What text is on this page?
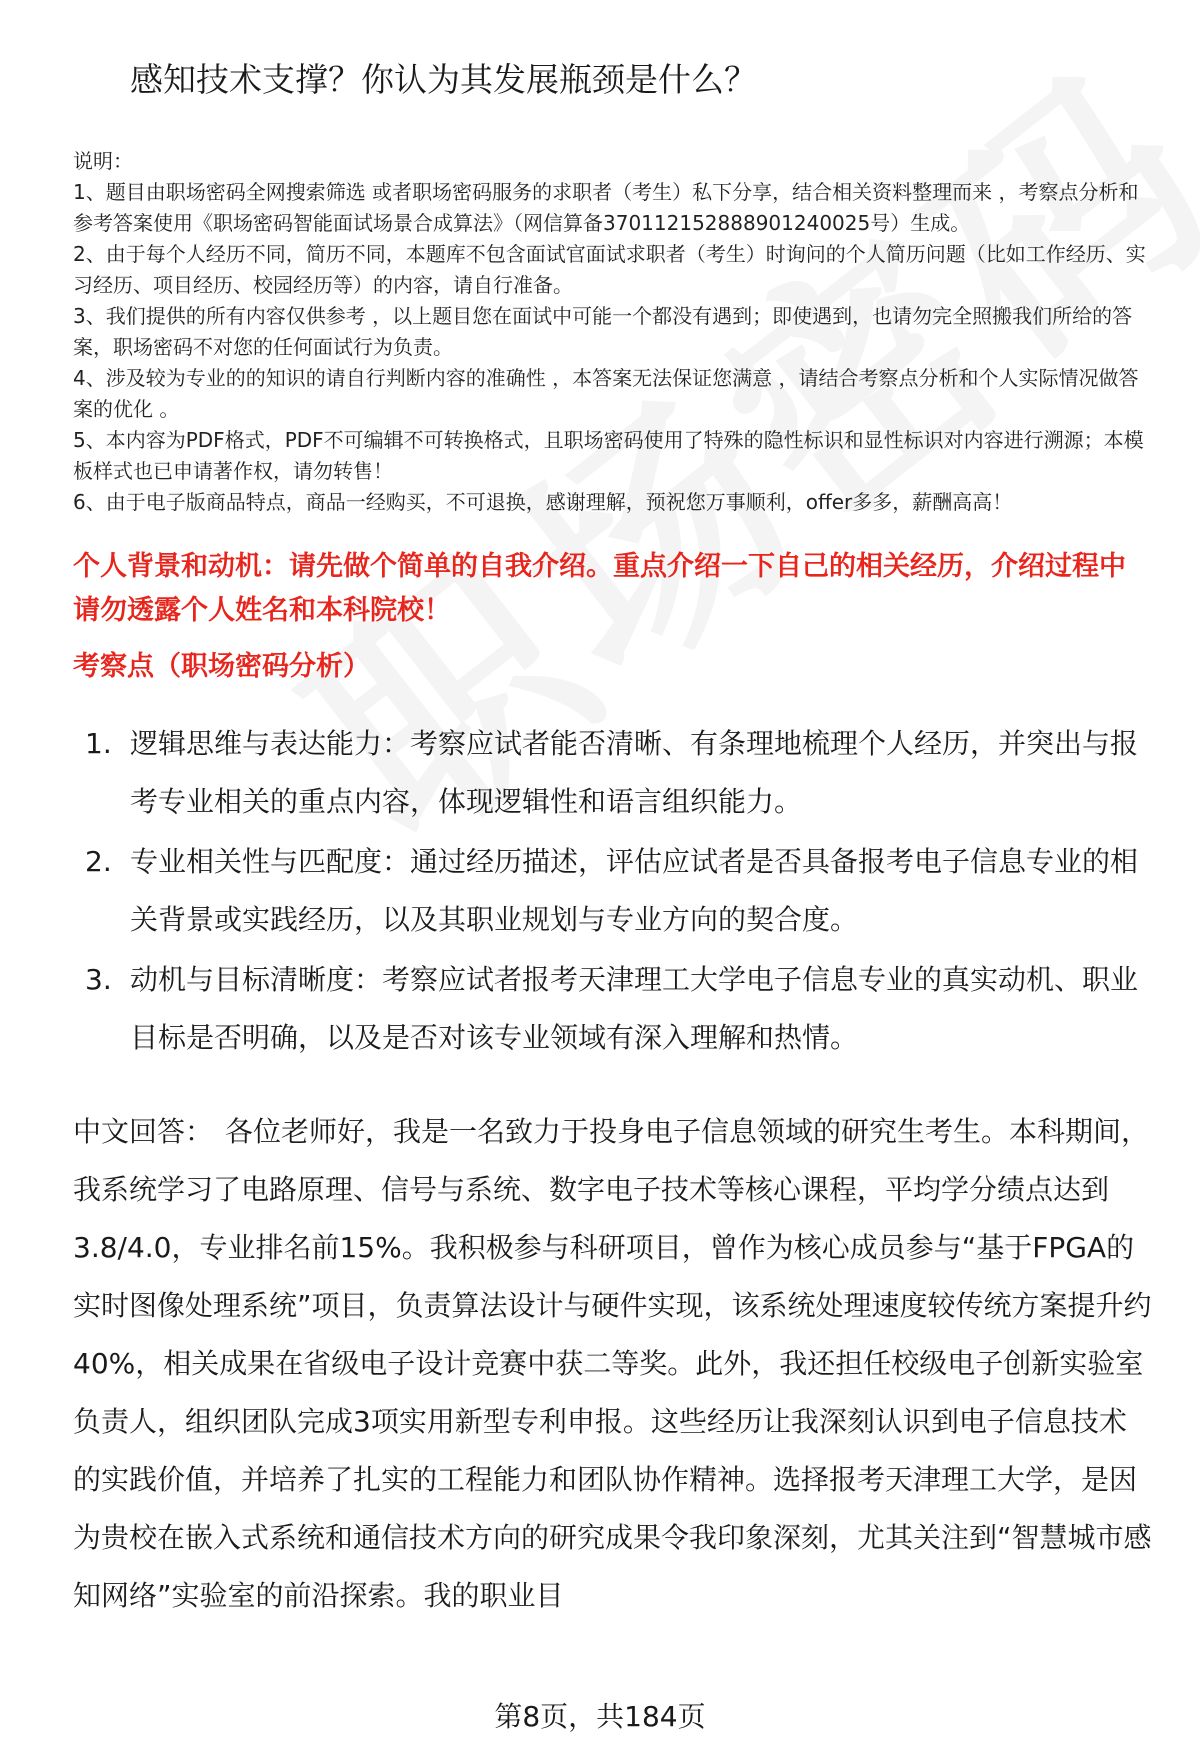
感知技术支撑？你认为其发展瓶颈是什么？

说明：

1、题目由职场密码全网搜索筛选 或者职场密码服务的求职者（考生）私下分享，结合相关资料整理而来 ，考察点分析和参考答案使用《职场密码智能面试场景合成算法》（网信算备370112152888901240025号）生成。

2、由于每个人经历不同，简历不同，本题库不包含面试官面试求职者（考生）时询问的个人简历问题（比如工作经历、实习经历、项目经历、校园经历等）的内容，请自行准备。

3、我们提供的所有内容仅供参考 ，以上题目您在面试中可能一个都没有遇到；即使遇到，也请勿完全照搬我们所给的答案，职场密码不对您的任何面试行为负责。

4、涉及较为专业的的知识的请自行判断内容的准确性 ，本答案无法保证您满意 ，请结合考察点分析和个人实际情况做答案的优化 。

5、本内容为PDF格式，PDF不可编辑不可转换格式，且职场密码使用了特殊的隐性标识和显性标识对内容进行溯源；本模板样式也已申请著作权，请勿转售！

6、由于电子版商品特点，商品一经购买，不可退换，感谢理解，预祝您万事顺利，offer多多，薪酬高高！

个人背景和动机：请先做个简单的自我介绍。重点介绍一下自己的相关经历，介绍过程中请勿透露个人姓名和本科院校！
考察点（职场密码分析）
1. 逻辑思维与表达能力：考察应试者能否清晰、有条理地梳理个人经历，并突出与报考专业相关的重点内容，体现逻辑性和语言组织能力。
2. 专业相关性与匹配度：通过经历描述，评估应试者是否具备报考电子信息专业的相关背景或实践经历，以及其职业规划与专业方向的契合度。
3. 动机与目标清晰度：考察应试者报考天津理工大学电子信息专业的真实动机、职业目标是否明确，以及是否对该专业领域有深入理解和热情。
中文回答： 各位老师好，我是一名致力于投身电子信息领域的研究生考生。本科期间，我系统学习了电路原理、信号与系统、数字电子技术等核心课程，平均学分绩点达到3.8/4.0，专业排名前15%。我积极参与科研项目，曾作为核心成员参与“基于FPGA的实时图像处理系统”项目，负责算法设计与硬件实现，该系统处理速度较传统方案提升约40%，相关成果在省级电子设计竞赛中获二等奖。此外，我还担任校级电子创新实验室负责人，组织团队完成3项实用新型专利申报。这些经历让我深刻认识到电子信息技术的实践价值，并培养了扎实的工程能力和团队协作精神。选择报考天津理工大学，是因为贵校在嵌入式系统和通信技术方向的研究成果令我印象深刻，尤其关注到“智慧城市感知网络”实验室的前沿探索。我的职业目
第8页，共184页
